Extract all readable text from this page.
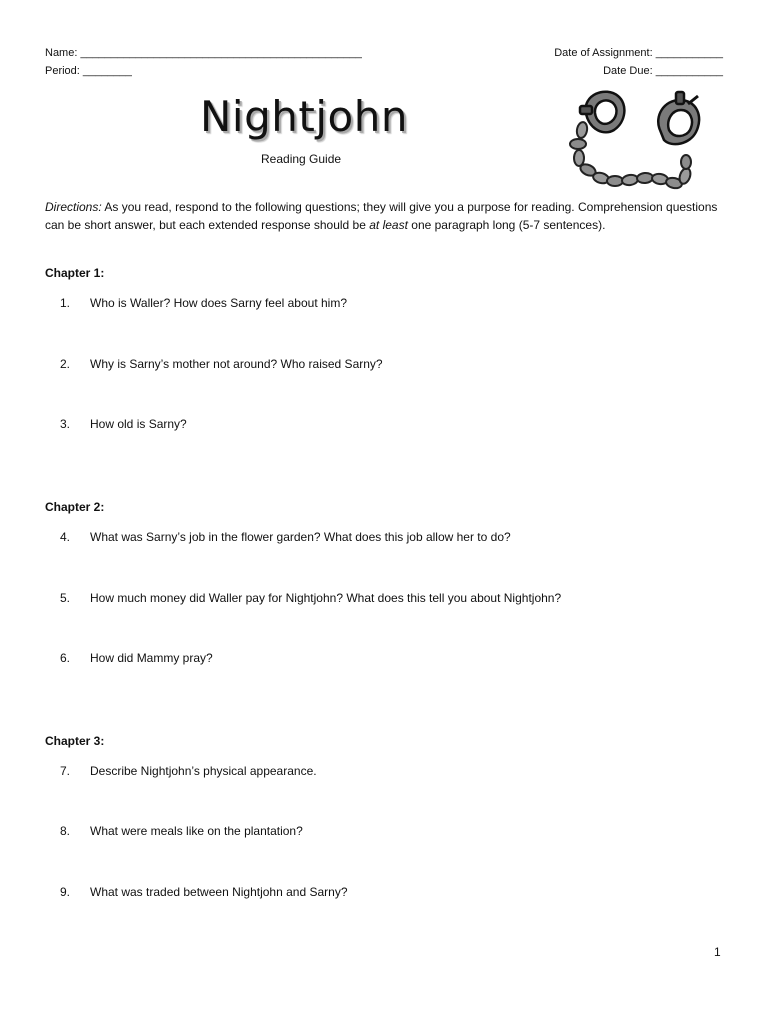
Name: ______________________________________________
Period: ________
Date of Assignment: ___________
Date Due: ___________
Nightjohn
Reading Guide
Directions: As you read, respond to the following questions; they will give you a purpose for reading. Comprehension questions can be short answer, but each extended response should be at least one paragraph long (5-7 sentences).
Chapter 1:
1. Who is Waller? How does Sarny feel about him?
2. Why is Sarny’s mother not around? Who raised Sarny?
3. How old is Sarny?
Chapter 2:
4. What was Sarny’s job in the flower garden? What does this job allow her to do?
5. How much money did Waller pay for Nightjohn? What does this tell you about Nightjohn?
6. How did Mammy pray?
Chapter 3:
7. Describe Nightjohn’s physical appearance.
8. What were meals like on the plantation?
9. What was traded between Nightjohn and Sarny?
1
